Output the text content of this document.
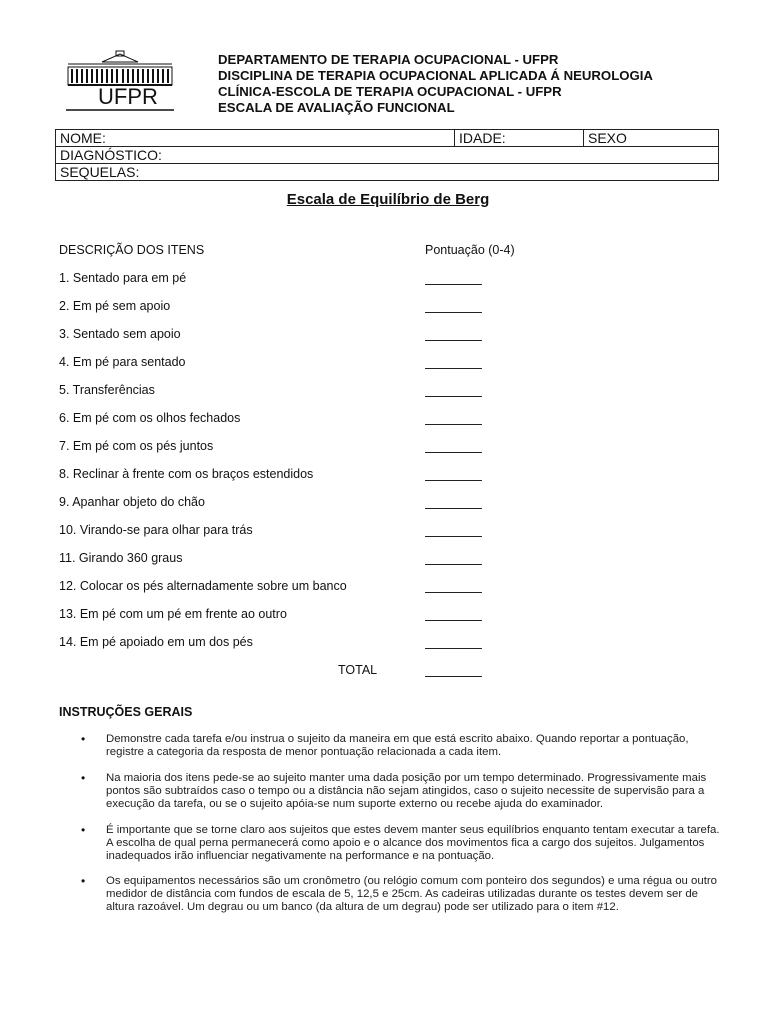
UFPR
DEPARTAMENTO DE TERAPIA OCUPACIONAL - UFPR
DISCIPLINA DE TERAPIA OCUPACIONAL APLICADA Á NEUROLOGIA
CLÍNICA-ESCOLA DE TERAPIA OCUPACIONAL - UFPR
ESCALA DE AVALIAÇÃO FUNCIONAL
NOME:	IDADE:	SEXO
DIAGNÓSTICO:
SEQUELAS:
Escala de Equilíbrio de Berg
DESCRIÇÃO DOS ITENS	Pontuação (0-4)
1. Sentado para em pé
2. Em pé sem apoio
3. Sentado sem apoio
4. Em pé para sentado
5. Transferências
6. Em pé com os olhos fechados
7. Em pé com os pés juntos
8. Reclinar à frente com os braços estendidos
9. Apanhar objeto do chão
10. Virando-se para olhar para trás
11. Girando 360 graus
12. Colocar os pés alternadamente sobre um banco
13. Em pé com um pé em frente ao outro
14. Em pé apoiado em um dos pés
TOTAL
INSTRUÇÕES GERAIS
• Demonstre cada tarefa e/ou instrua o sujeito da maneira em que está escrito abaixo. Quando reportar a pontuação, registre a categoria da resposta de menor pontuação relacionada a cada item.
• Na maioria dos itens pede-se ao sujeito manter uma dada posição por um tempo determinado. Progressivamente mais pontos são subtraídos caso o tempo ou a distância não sejam atingidos, caso o sujeito necessite de supervisão para a execução da tarefa, ou se o sujeito apóia-se num suporte externo ou recebe ajuda do examinador.
• É importante que se torne claro aos sujeitos que estes devem manter seus equilíbrios enquanto tentam executar a tarefa. A escolha de qual perna permanecerá como apoio e o alcance dos movimentos fica a cargo dos sujeitos. Julgamentos inadequados irão influenciar negativamente na performance e na pontuação.
• Os equipamentos necessários são um cronômetro (ou relógio comum com ponteiro dos segundos) e uma régua ou outro medidor de distância com fundos de escala de 5, 12,5 e 25cm. As cadeiras utilizadas durante os testes devem ser de altura razoável. Um degrau ou um banco (da altura de um degrau) pode ser utilizado para o item #12.
